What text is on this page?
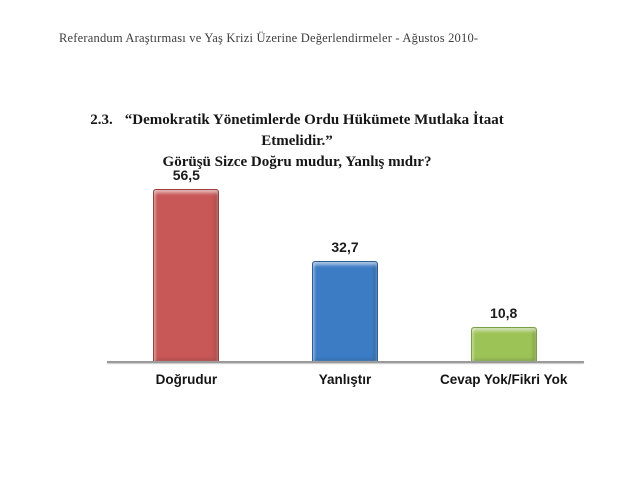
Referandum Araştırması ve Yaş Krizi Üzerine Değerlendirmeler - Ağustos 2010-
2.3. “Demokratik Yönetimlerde Ordu Hükümete Mutlaka İtaat Etmelidir.”
Görüşü Sizce Doğru mudur, Yanlış mıdır?
56,5
32,7
10,8
Doğrudur	Yanlıştır	Cevap Yok/Fikri Yok
